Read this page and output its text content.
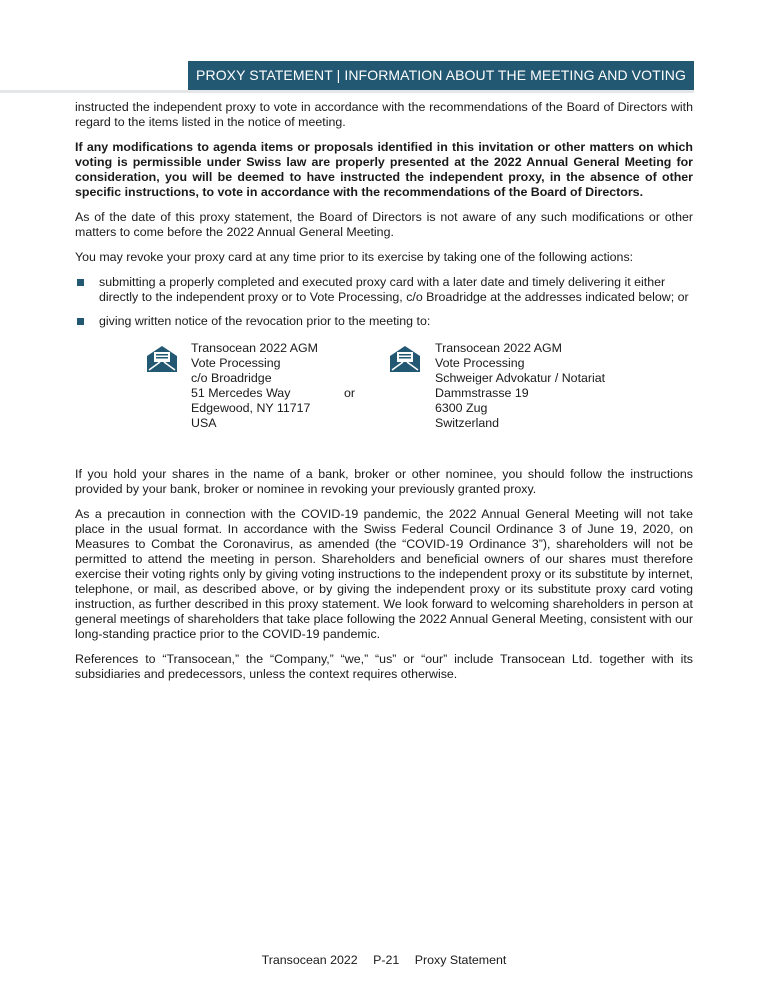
PROXY STATEMENT | INFORMATION ABOUT THE MEETING AND VOTING

instructed the independent proxy to vote in accordance with the recommendations of the Board of Directors with regard to the items listed in the notice of meeting.

If any modifications to agenda items or proposals identified in this invitation or other matters on which voting is permissible under Swiss law are properly presented at the 2022 Annual General Meeting for consideration, you will be deemed to have instructed the independent proxy, in the absence of other specific instructions, to vote in accordance with the recommendations of the Board of Directors.

As of the date of this proxy statement, the Board of Directors is not aware of any such modifications or other matters to come before the 2022 Annual General Meeting.

You may revoke your proxy card at any time prior to its exercise by taking one of the following actions:

submitting a properly completed and executed proxy card with a later date and timely delivering it either directly to the independent proxy or to Vote Processing, c/o Broadridge at the addresses indicated below; or
giving written notice of the revocation prior to the meeting to:
Transocean 2022 AGM
Vote Processing
c/o Broadridge
51 Mercedes Way
Edgewood, NY 11717
USA
or
Transocean 2022 AGM
Vote Processing
Schweiger Advokatur / Notariat
Dammstrasse 19
6300 Zug
Switzerland

If you hold your shares in the name of a bank, broker or other nominee, you should follow the instructions provided by your bank, broker or nominee in revoking your previously granted proxy.

As a precaution in connection with the COVID-19 pandemic, the 2022 Annual General Meeting will not take place in the usual format. In accordance with the Swiss Federal Council Ordinance 3 of June 19, 2020, on Measures to Combat the Coronavirus, as amended (the “COVID-19 Ordinance 3”), shareholders will not be permitted to attend the meeting in person. Shareholders and beneficial owners of our shares must therefore exercise their voting rights only by giving voting instructions to the independent proxy or its substitute by internet, telephone, or mail, as described above, or by giving the independent proxy or its substitute proxy card voting instruction, as further described in this proxy statement. We look forward to welcoming shareholders in person at general meetings of shareholders that take place following the 2022 Annual General Meeting, consistent with our long-standing practice prior to the COVID-19 pandemic.

References to “Transocean,” the “Company,” “we,” “us” or “our” include Transocean Ltd. together with its subsidiaries and predecessors, unless the context requires otherwise.

Transocean 2022 P-21 Proxy Statement
